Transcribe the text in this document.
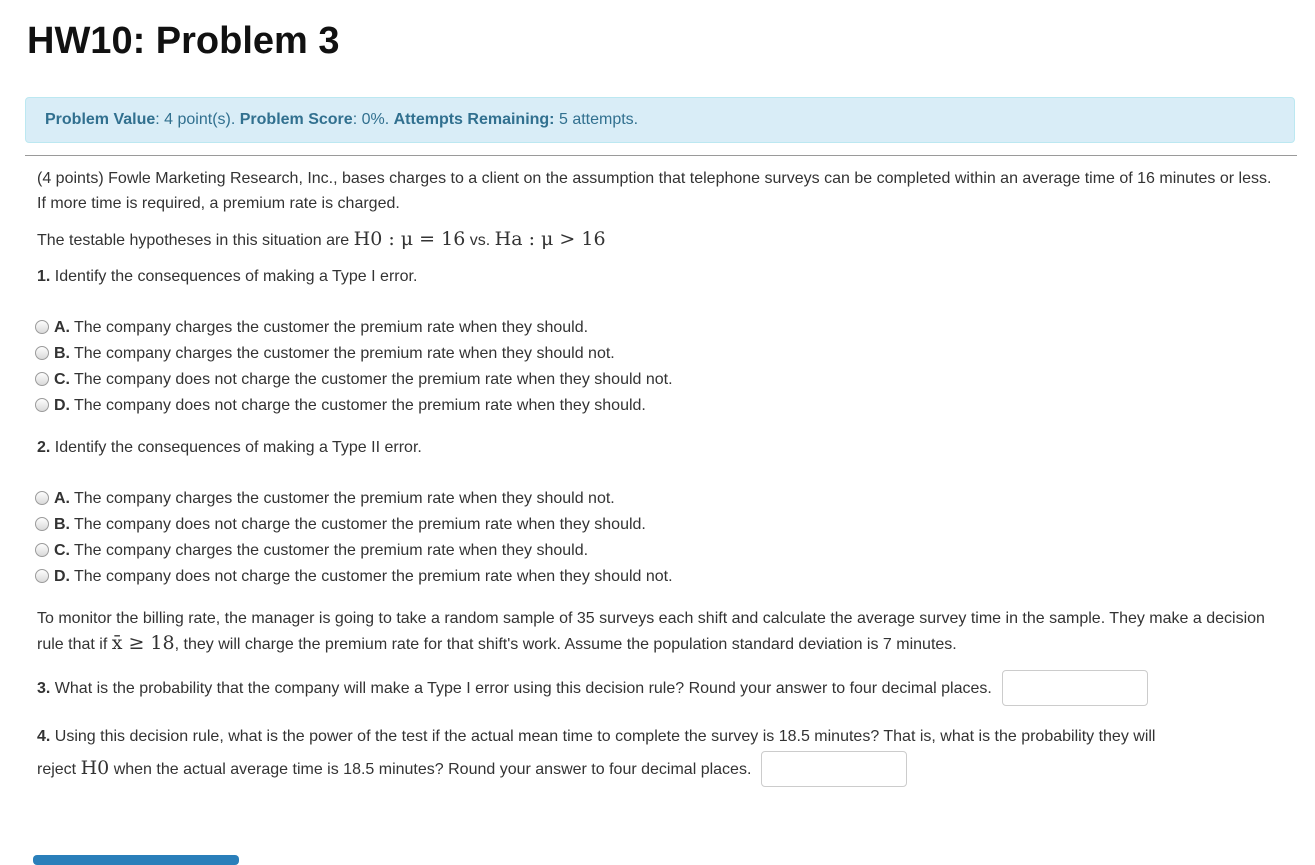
HW10: Problem 3
Problem Value: 4 point(s). Problem Score: 0%. Attempts Remaining: 5 attempts.

(4 points) Fowle Marketing Research, Inc., bases charges to a client on the assumption that telephone surveys can be completed within an average time of 16 minutes or less. If more time is required, a premium rate is charged.

The testable hypotheses in this situation are H0 : μ = 16 vs. Ha : μ > 16

1. Identify the consequences of making a Type I error.

A. The company charges the customer the premium rate when they should.
B. The company charges the customer the premium rate when they should not.
C. The company does not charge the customer the premium rate when they should not.
D. The company does not charge the customer the premium rate when they should.

2. Identify the consequences of making a Type II error.

A. The company charges the customer the premium rate when they should not.
B. The company does not charge the customer the premium rate when they should.
C. The company charges the customer the premium rate when they should.
D. The company does not charge the customer the premium rate when they should not.

To monitor the billing rate, the manager is going to take a random sample of 35 surveys each shift and calculate the average survey time in the sample. They make a decision rule that if x̄ ≥ 18, they will charge the premium rate for that shift's work. Assume the population standard deviation is 7 minutes.

3. What is the probability that the company will make a Type I error using this decision rule? Round your answer to four decimal places.

4. Using this decision rule, what is the power of the test if the actual mean time to complete the survey is 18.5 minutes? That is, what is the probability they will

reject H0 when the actual average time is 18.5 minutes? Round your answer to four decimal places.
